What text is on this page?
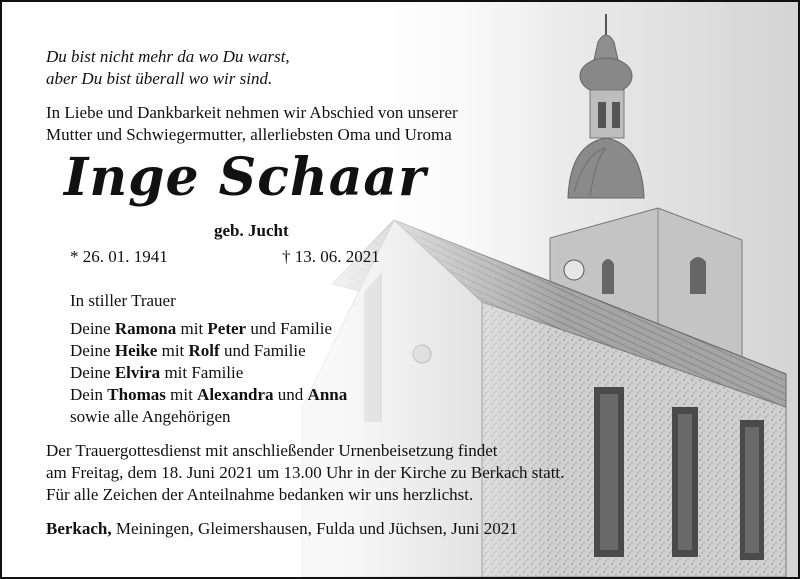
Du bist nicht mehr da wo Du warst,
aber Du bist überall wo wir sind.
In Liebe und Dankbarkeit nehmen wir Abschied von unserer
Mutter und Schwiegermutter, allerliebsten Oma und Uroma
Inge Schaar
geb. Jucht
* 26. 01. 1941	† 13. 06. 2021
In stiller Trauer
Deine Ramona mit Peter und Familie
Deine Heike mit Rolf und Familie
Deine Elvira mit Familie
Dein Thomas mit Alexandra und Anna
sowie alle Angehörigen
Der Trauergottesdienst mit anschließender Urnenbeisetzung findet
am Freitag, dem 18. Juni 2021 um 13.00 Uhr in der Kirche zu Berkach statt.
Für alle Zeichen der Anteilnahme bedanken wir uns herzlichst.
Berkach, Meiningen, Gleimershausen, Fulda und Jüchsen, Juni 2021
